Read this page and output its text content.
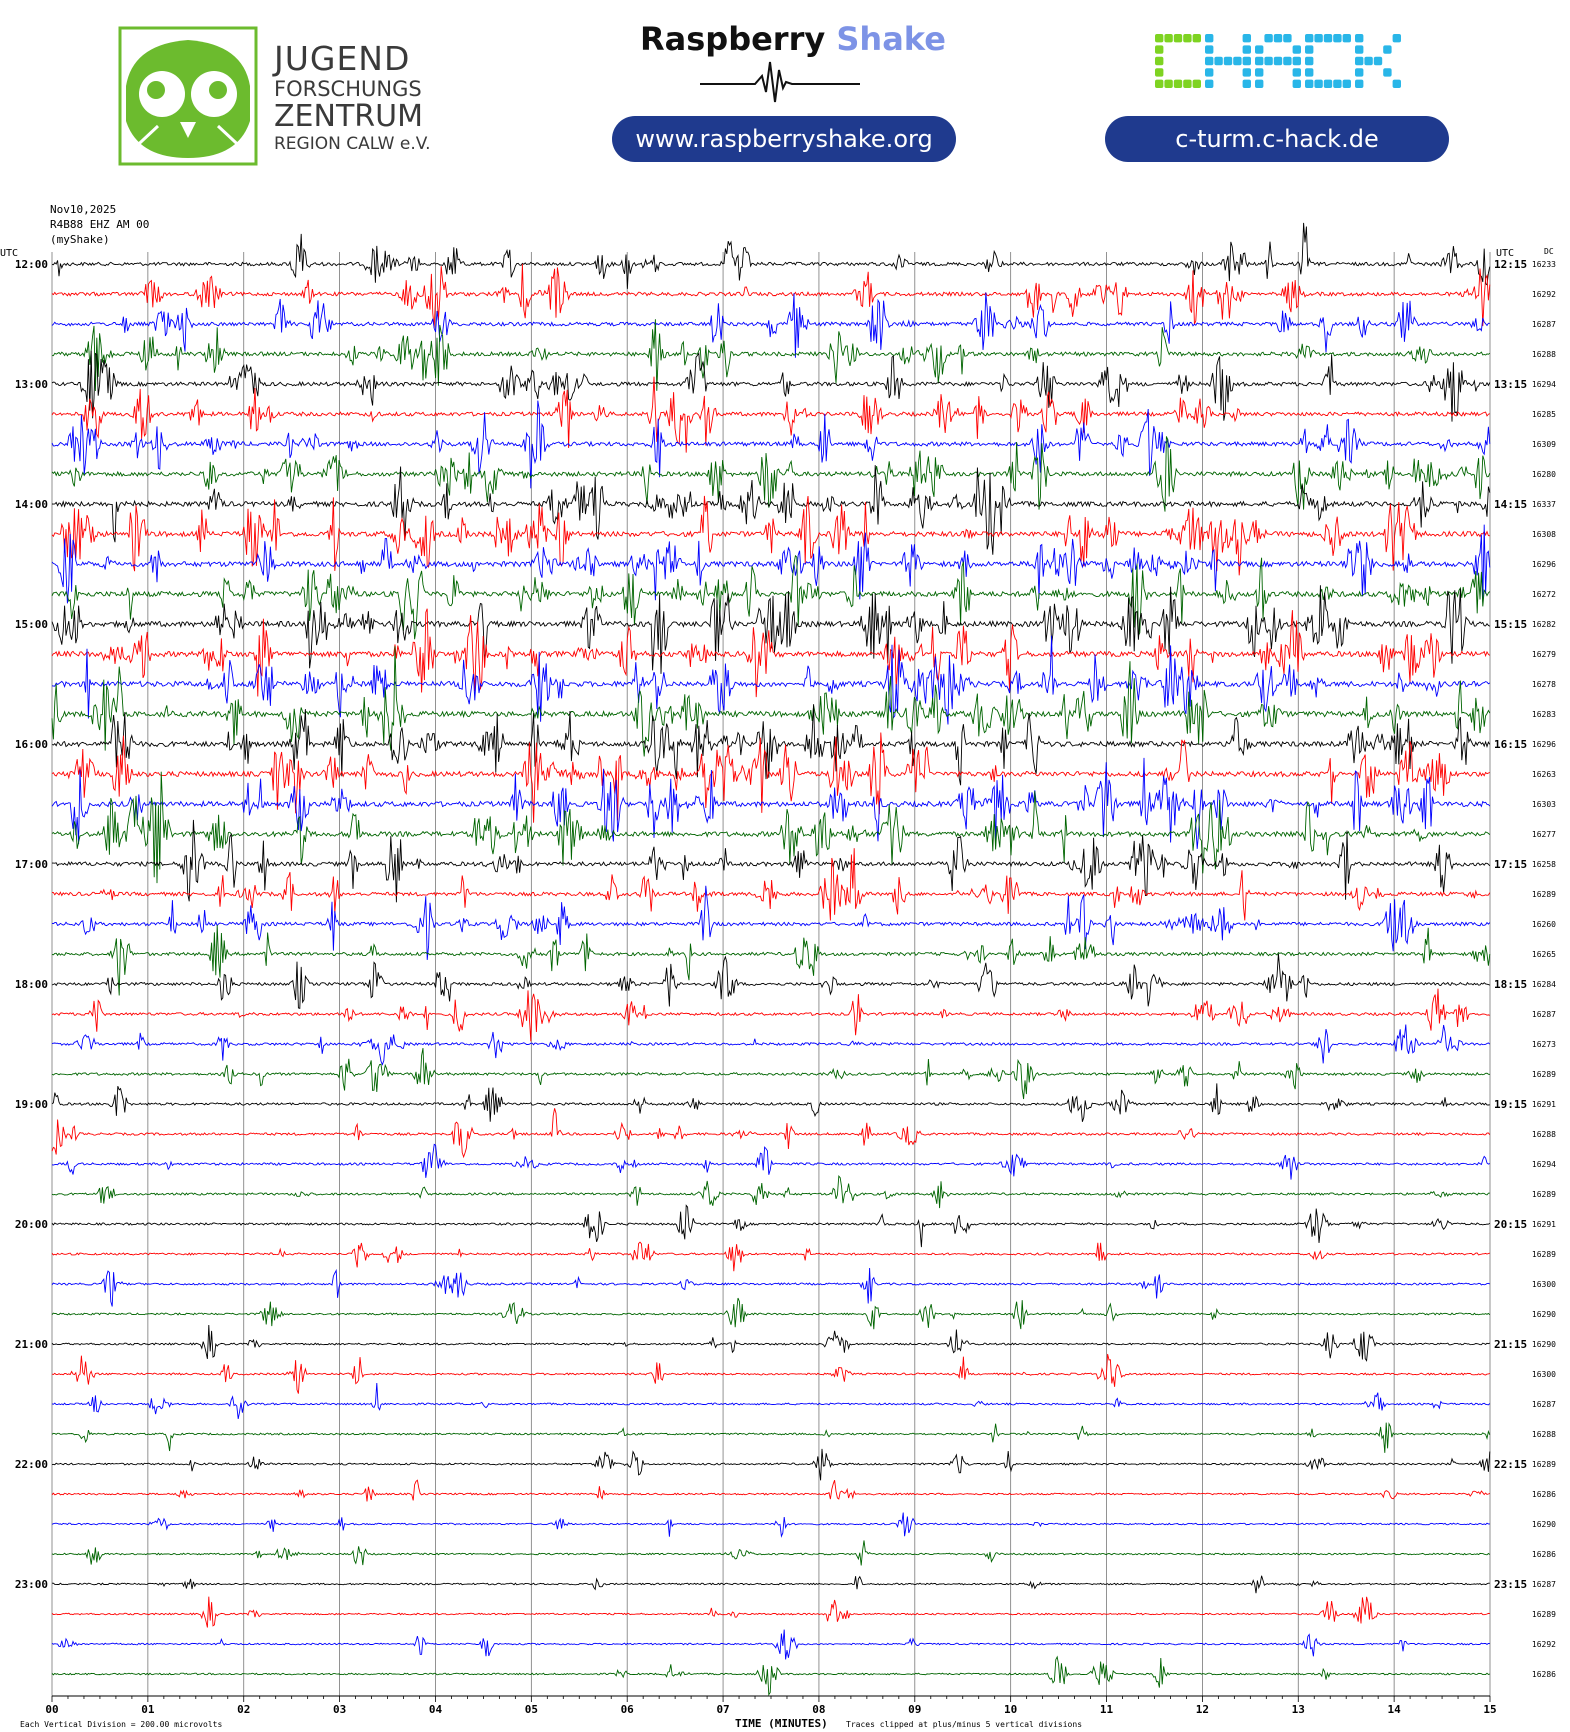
JUGEND
FORSCHUNGS
ZENTRUM
REGION CALW e.V.
Raspberry Shake
www.raspberryshake.org	c-turm.c-hack.de
Nov10,2025
R4B88 EHZ AM 00
(myShake)
16233
16292
16287
16288
16294
16285
16309
16280
16337
16308
16296
16272
16282
16279
16278
16283
16296
16263
16303
16277
16258
16289
16260
16265
16284
16287
16273
16289
16291
16288
16294
16289
16291
16289
16300
16290
16290
16300
16287
16288
16289
16286
16290
16286
16287
16289
16292
16286
12:00	12:15
13:00	13:15
14:00	14:15
15:00	15:15
16:00	16:15
17:00	17:15
18:00	18:15
19:00	19:15
20:00	20:15
21:00	21:15
22:00	22:15
23:00	23:15
UTC	UTC	DC
00	01	02	03	04	05	06	07	08	09	10	11	12	13	14	15
Each Vertical Division = 200.00 microvolts	TIME (MINUTES) Traces clipped at plus/minus 5 vertical divisions
